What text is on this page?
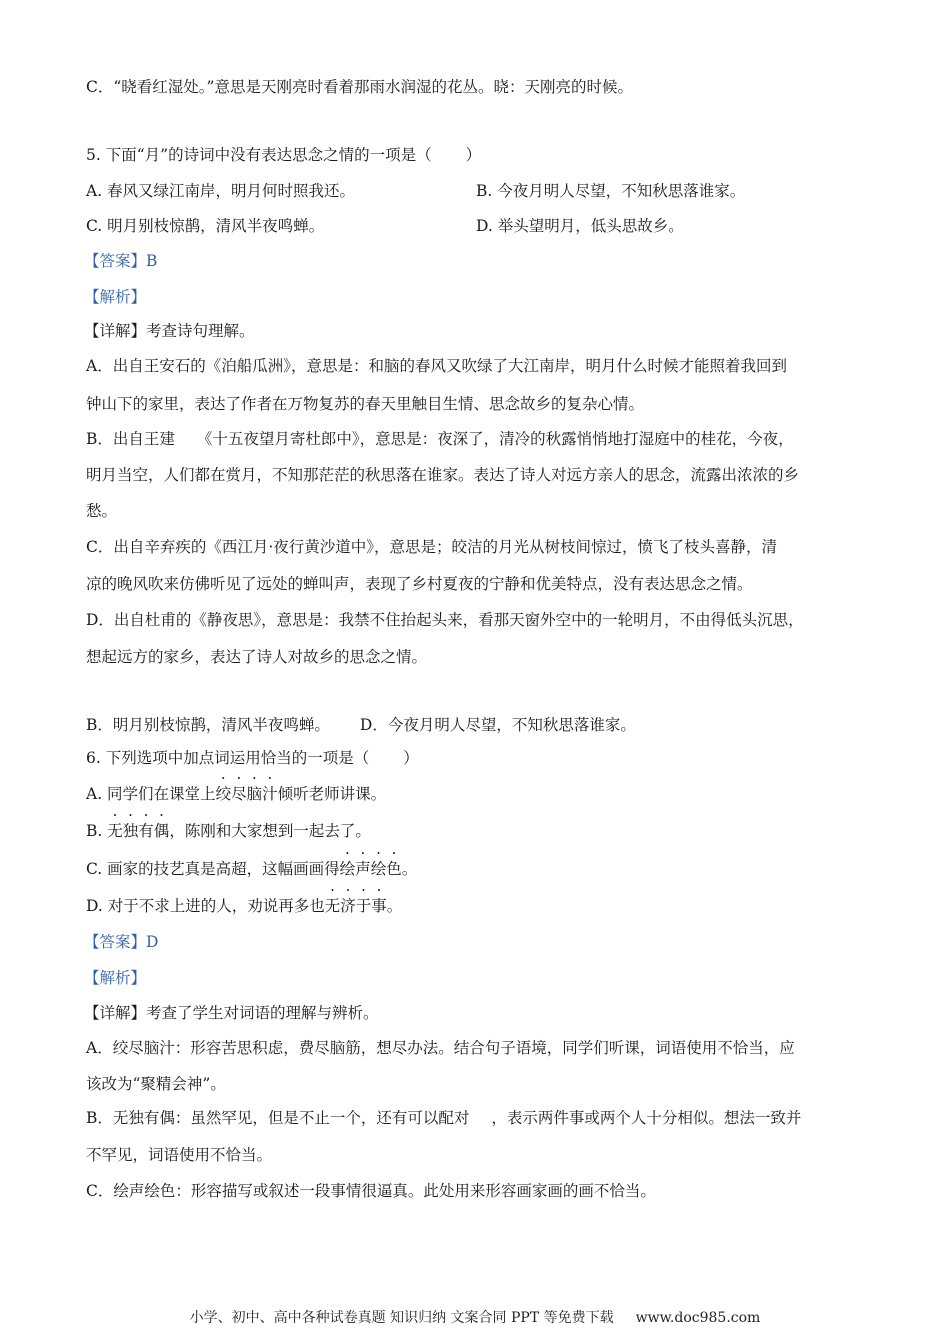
C．“晓看红湿处。”意思是天刚亮时看着那雨水润湿的花丛。晓：天刚亮的时候。
5. 下面“月”的诗词中没有表达思念之情的一项是（ ）
A. 春风又绿江南岸，明月何时照我还。	B. 今夜月明人尽望，不知秋思落谁家。
C. 明月别枝惊鹊，清风半夜鸣蝉。	D. 举头望明月，低头思故乡。
【答案】B
【解析】
【详解】考查诗句理解。
A．出自王安石的《泊船瓜洲》，意思是：和脑的春风又吹绿了大江南岸，明月什么时候才能照着我回到
钟山下的家里，表达了作者在万物复苏的春天里触目生情、思念故乡的复杂心情。
B．出自王建 《十五夜望月寄杜郎中》，意思是：夜深了，清冷的秋露悄悄地打湿庭中的桂花，今夜，
明月当空，人们都在赏月，不知那茫茫的秋思落在谁家。表达了诗人对远方亲人的思念，流露出浓浓的乡
愁。
C．出自辛弃疾的《西江月·夜行黄沙道中》，意思是；皎洁的月光从树枝间惊过，愤飞了枝头喜静，清
凉的晚风吹来仿佛听见了远处的蝉叫声，表现了乡村夏夜的宁静和优美特点，没有表达思念之情。
D．出自杜甫的《静夜思》，意思是：我禁不住抬起头来，看那天窗外空中的一轮明月，不由得低头沉思，
想起远方的家乡，表达了诗人对故乡的思念之情。
B．明月别枝惊鹊，清风半夜鸣蝉。 D．今夜月明人尽望，不知秋思落谁家。
6. 下列选项中加点词运用恰当的一项是（ ）
A. 同学们在课堂上绞尽脑汁倾听老师讲课。
B. 无独有偶，陈刚和大家想到一起去了。
C. 画家的技艺真是高超，这幅画画得绘声绘色。
D. 对于不求上进的人，劝说再多也无济于事。
【答案】D
【解析】
【详解】考查了学生对词语的理解与辨析。
A．绞尽脑汁：形容苦思积虑，费尽脑筋，想尽办法。结合句子语境，同学们听课，词语使用不恰当，应
该改为“聚精会神”。
B．无独有偶：虽然罕见，但是不止一个，还有可以配对 ，表示两件事或两个人十分相似。想法一致并
不罕见，词语使用不恰当。
C．绘声绘色：形容描写或叙述一段事情很逼真。此处用来形容画家画的画不恰当。
小学、初中、高中各种试卷真题 知识归纳 文案合同 PPT 等免费下载 www.doc985.com
